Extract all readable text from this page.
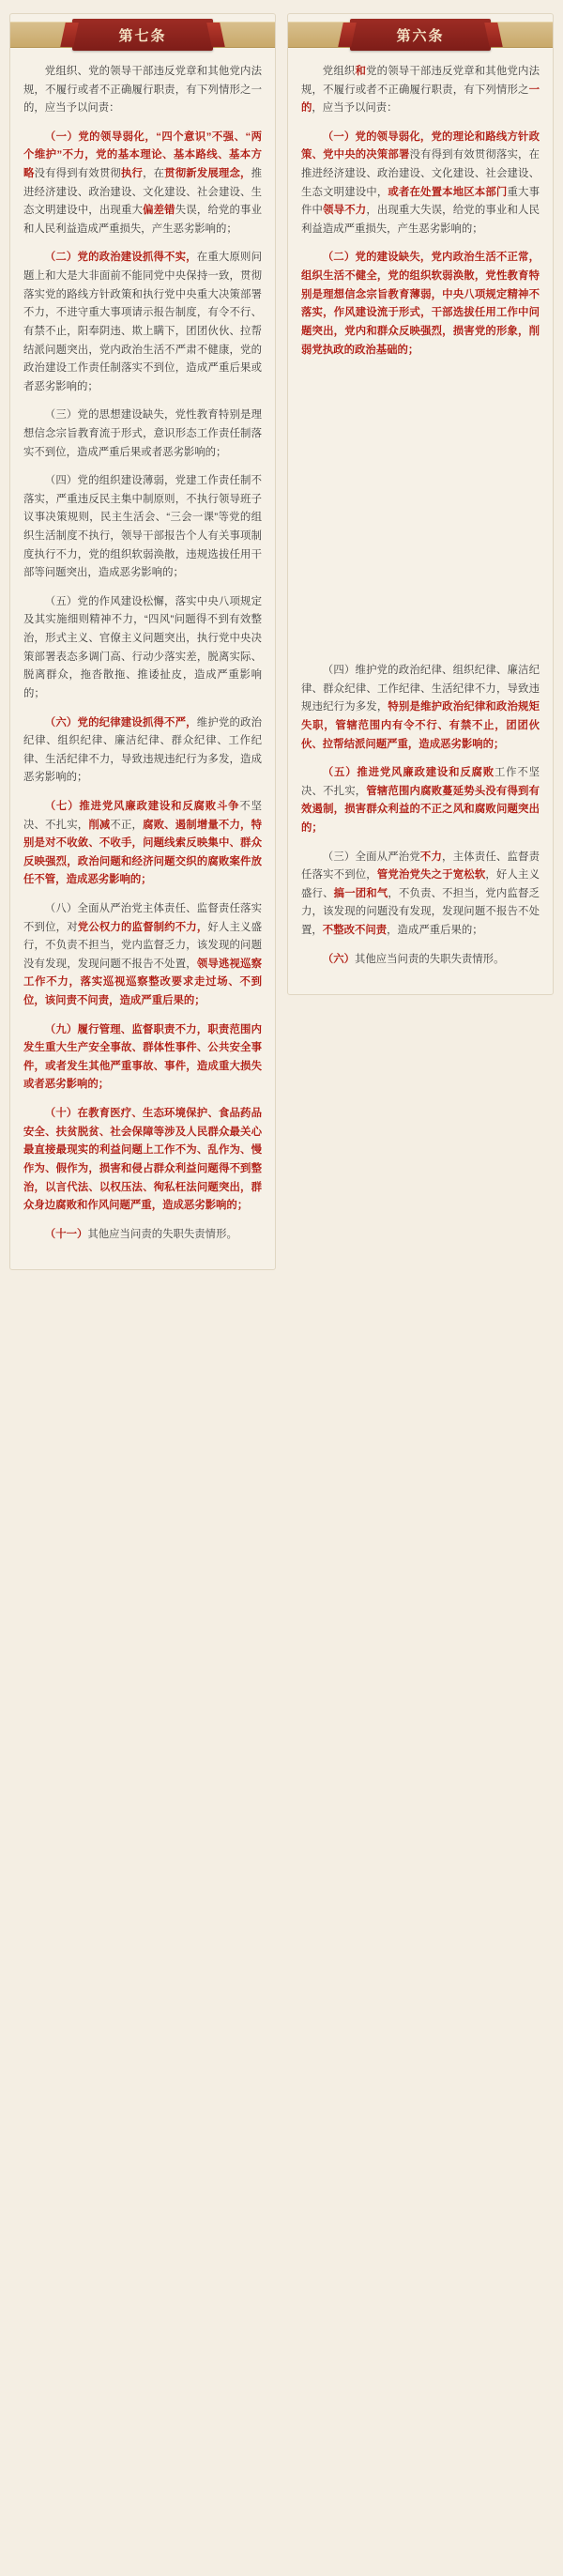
第七条

党组织、党的领导干部违反党章和其他党内法规，不履行或者不正确履行职责，有下列情形之一的，应当予以问责：

（一）党的领导弱化，“四个意识”不强、“两个维护”不力，党的基本理论、基本路线、基本方略没有得到有效贯彻执行，在贯彻新发展理念，推进经济建设、政治建设、文化建设、社会建设、生态文明建设中，出现重大偏差错失误，给党的事业和人民利益造成严重损失，产生恶劣影响的；

（二）党的政治建设抓得不实，在重大原则问题上和大是大非面前不能同党中央保持一致，贯彻落实党的路线方针政策和执行党中央重大决策部署不力，不进守重大事项请示报告制度，有令不行、有禁不止，阳奉阴违、欺上瞒下，团团伙伙、拉帮结派问题突出，党内政治生活不严肃不健康，党的政治建设工作责任制落实不到位，造成严重后果或者恶劣影响的；

（三）党的思想建设缺失，党性教育特别是理想信念宗旨教育流于形式，意识形态工作责任制落实不到位，造成严重后果或者恶劣影响的；

（四）党的组织建设薄弱，党建工作责任制不落实，严重违反民主集中制原则，不执行领导班子议事决策规则，民主生活会、“三会一课”等党的组织生活制度不执行，领导干部报告个人有关事项制度执行不力，党的组织软弱涣散，违规选拔任用干部等问题突出，造成恶劣影响的；

（五）党的作风建设松懈，落实中央八项规定及其实施细则精神不力，“四风”问题得不到有效整治，形式主义、官僚主义问题突出，执行党中央决策部署表态多调门高、行动少落实差，脱离实际、脱离群众，拖沓散拖、推诿扯皮，造成严重影响的；

（六）党的纪律建设抓得不严，维护党的政治纪律、组织纪律、廉洁纪律、群众纪律、工作纪律、生活纪律不力，导致违规违纪行为多发，造成恶劣影响的；

（七）推进党风廉政建设和反腐败斗争不坚决、不扎实，削减不正，腐败、遏制增量不力，特别是对不收敛、不收手，问题线索反映集中、群众反映强烈，政治问题和经济问题交织的腐败案件放任不管，造成恶劣影响的；

（八）全面从严治党主体责任、监督责任落实不到位，对党公权力的监督制约不力，好人主义盛行，不负责不担当，党内监督乏力，该发现的问题没有发现，发现问题不报告不处置，领导逃视巡察工作不力，落实巡视巡察整改要求走过场、不到位，该问责不问责，造成严重后果的；

（九）履行管理、监督职责不力，职责范围内发生重大生产安全事故、群体性事件、公共安全事件，或者发生其他严重事故、事件，造成重大损失或者恶劣影响的；

（十）在教育医疗、生态环境保护、食品药品安全、扶贫脱贫、社会保障等涉及人民群众最关心最直接最现实的利益问题上工作不为、乱作为、慢作为、假作为，损害和侵占群众利益问题得不到整治，以言代法、以权压法、徇私枉法问题突出，群众身边腐败和作风问题严重，造成恶劣影响的；

（十一）其他应当问责的失职失责情形。

第六条

党组织和党的领导干部违反党章和其他党内法规，不履行或者不正确履行职责，有下列情形之一的，应当予以问责：

（一）党的领导弱化，党的理论和路线方针政策、党中央的决策部署没有得到有效贯彻落实，在推进经济建设、政治建设、文化建设、社会建设、生态文明建设中，或者在处置本地区本部门重大事件中领导不力，出现重大失误，给党的事业和人民利益造成严重损失，产生恶劣影响的；

（二）党的建设缺失，党内政治生活不正常，组织生活不健全，党的组织软弱涣散，党性教育特别是理想信念宗旨教育薄弱，中央八项规定精神不落实，作风建设流于形式，干部选拔任用工作中问题突出，党内和群众反映强烈，损害党的形象，削弱党执政的政治基础的；

（四）维护党的政治纪律、组织纪律、廉洁纪律、群众纪律、工作纪律、生活纪律不力，导致违规违纪行为多发，特别是维护政治纪律和政治规矩失职，管辖范围内有令不行、有禁不止，团团伙伙、拉帮结派问题严重，造成恶劣影响的；

（五）推进党风廉政建设和反腐败工作不坚决、不扎实，管辖范围内腐败蔓延势头没有得到有效遏制，损害群众利益的不正之风和腐败问题突出的；

（三）全面从严治党不力，主体责任、监督责任落实不到位，管党治党失之于宽松软，好人主义盛行、搞一团和气，不负责、不担当，党内监督乏力，该发现的问题没有发现，发现问题不报告不处置，不整改不问责，造成严重后果的；

（六）其他应当问责的失职失责情形。
